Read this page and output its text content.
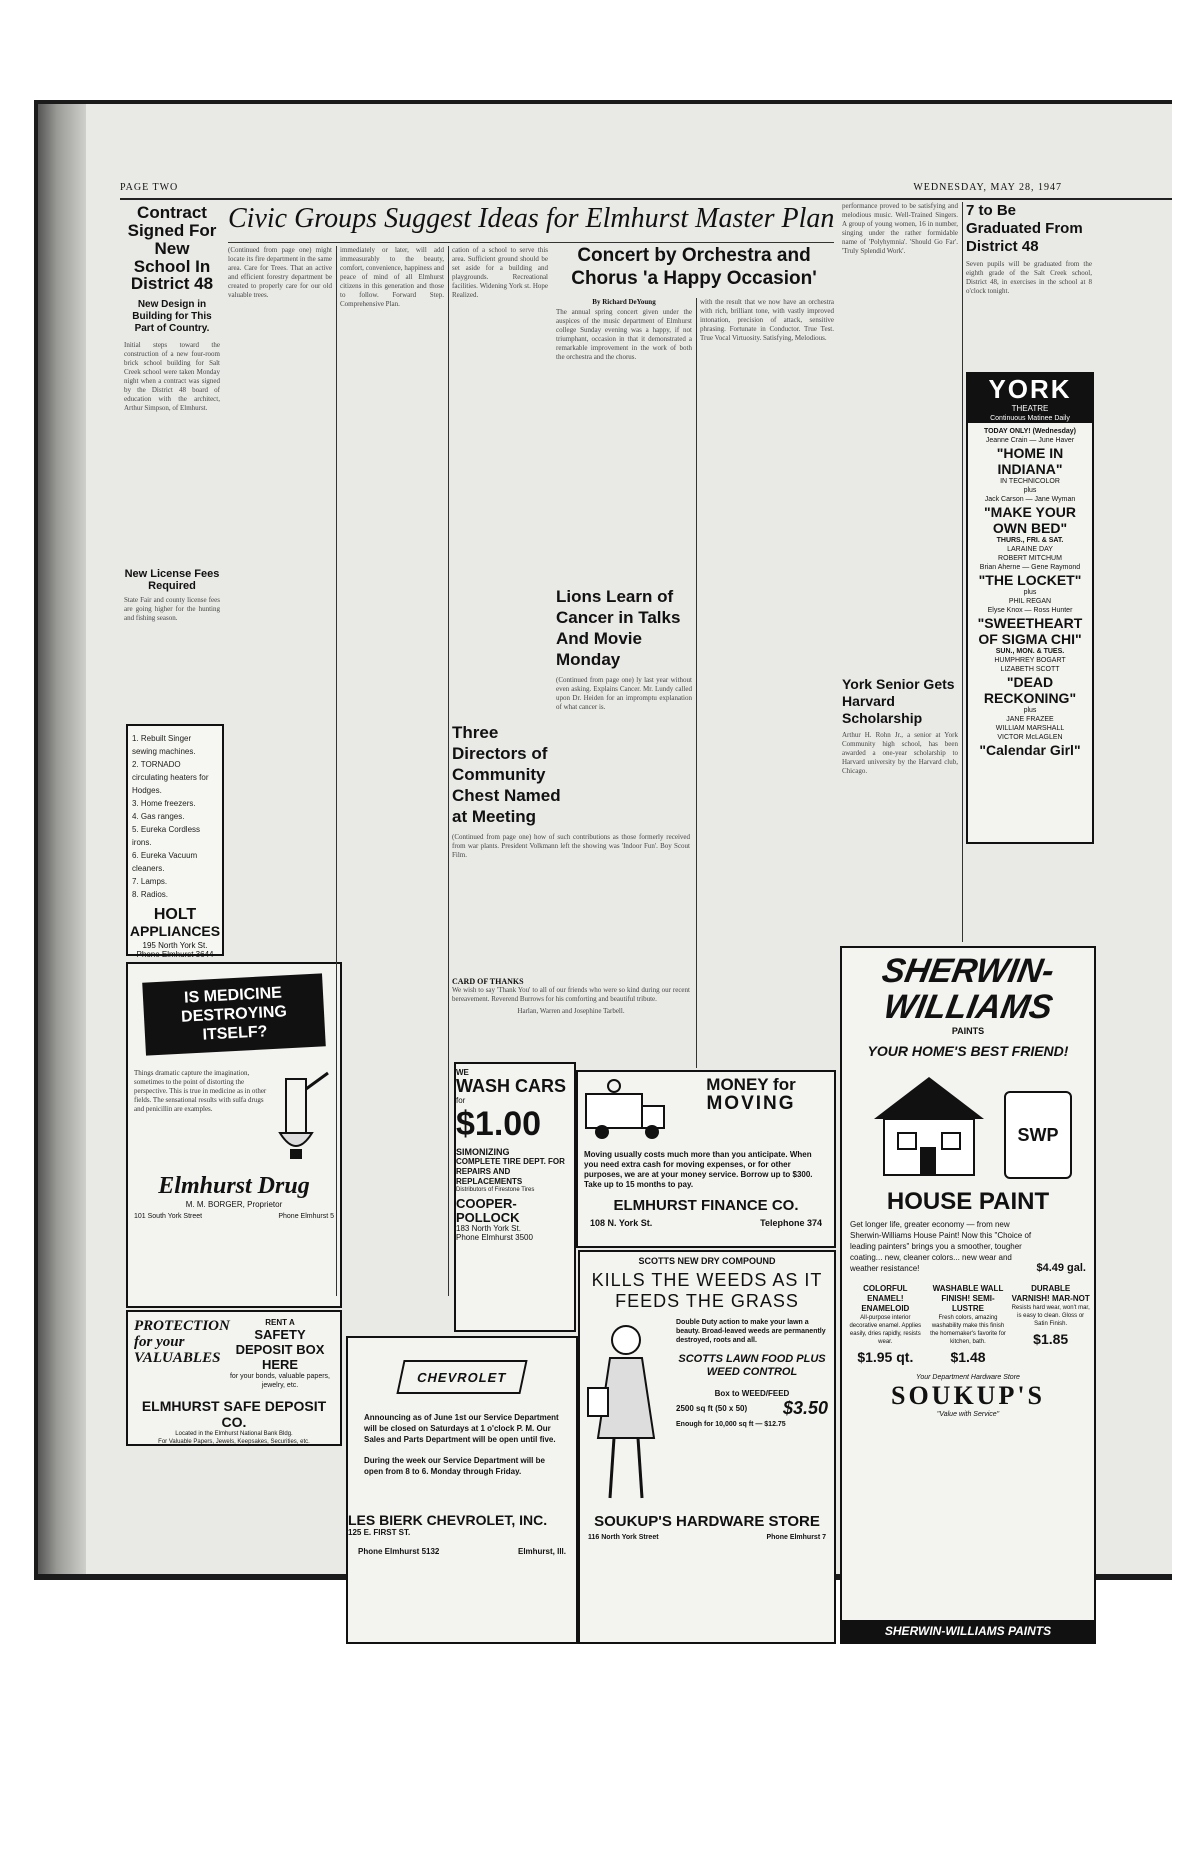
PAGE TWO	WEDNESDAY, MAY 28, 1947
Contract Signed For New School In District 48
New Design in Building for This Part of Country.

Initial steps toward the construction of a new four-room brick school building for Salt Creek school were taken Monday night when a contract was signed by the District 48 board of education with the architect, Arthur Simpson, of Elmhurst.

New License Fees Required

State Fair and county license fees are going higher for the hunting and fishing season.

1. Rebuilt Singer sewing machines.
2. TORNADO circulating heaters for Hodges.
3. Home freezers.
4. Gas ranges.
5. Eureka Cordless irons.
6. Eureka Vacuum cleaners.
7. Lamps.
8. Radios.
HOLT
APPLIANCES
195 North York St.
Phone Elmhurst 3644
IS MEDICINE DESTROYING ITSELF?
Things dramatic capture the imagination, sometimes to the point of distorting the perspective. This is true in medicine as in other fields. The sensational results with sulfa drugs and penicillin are examples.
Elmhurst Drug
M. M. BORGER, Proprietor
101 South York Street	Phone Elmhurst 5
PROTECTION for your VALUABLES
RENT A
SAFETY DEPOSIT BOX HERE
for your bonds, valuable papers, jewelry, etc.
ELMHURST SAFE DEPOSIT CO.
Located in the Elmhurst National Bank Bldg.
For Valuable Papers, Jewels, Keepsakes, Securities, etc.
Civic Groups Suggest Ideas for Elmhurst Master Plan

(Continued from page one) might locate its fire department in the same area. Care for Trees. That an active and efficient forestry department be created to properly care for our old valuable trees.

immediately or later, will add immeasurably to the beauty, comfort, convenience, happiness and peace of mind of all Elmhurst citizens in this generation and those to follow. Forward Step. Comprehensive Plan.

cation of a school to serve this area. Sufficient ground should be set aside for a building and playgrounds. Recreational facilities. Widening York st. Hope Realized.

Concert by Orchestra and Chorus 'a Happy Occasion'
By Richard DeYoung

The annual spring concert given under the auspices of the music department of Elmhurst college Sunday evening was a happy, if not triumphant, occasion in that it demonstrated a remarkable improvement in the work of both the orchestra and the chorus.

with the result that we now have an orchestra with rich, brilliant tone, with vastly improved intonation, precision of attack, sensitive phrasing. Fortunate in Conductor. True Test. True Vocal Virtuosity. Satisfying, Melodious.

Lions Learn of Cancer in Talks And Movie Monday

(Continued from page one) ly last year without even asking. Explains Cancer. Mr. Lundy called upon Dr. Heiden for an impromptu explanation of what cancer is.

Three Directors of Community Chest Named at Meeting

(Continued from page one) how of such contributions as those formerly received from war plants. President Volkmann left the showing was 'Indoor Fun'. Boy Scout Film.

CARD OF THANKS

We wish to say 'Thank You' to all of our friends who were so kind during our recent bereavement. Reverend Burrows for his comforting and beautiful tribute.

Harlan, Warren and Josephine Tarbell.

performance proved to be satisfying and melodious music. Well-Trained Singers. A group of young women, 16 in number, singing under the rather formidable name of 'Polyhymnia'. 'Should Go Far'. 'Truly Splendid Work'.

7 to Be Graduated From District 48

Seven pupils will be graduated from the eighth grade of the Salt Creek school, District 48, in exercises in the school at 8 o'clock tonight.

YORK
THEATRE
Continuous Matinee Daily
TODAY ONLY! (Wednesday)
Jeanne Crain — June Haver
"HOME IN INDIANA"
IN TECHNICOLOR
plus
Jack Carson — Jane Wyman
"MAKE YOUR OWN BED"
THURS., FRI. & SAT.
LARAINE DAY
ROBERT MITCHUM
Brian Aherne — Gene Raymond
"THE LOCKET"
plus
PHIL REGAN
Elyse Knox — Ross Hunter
"SWEETHEART OF SIGMA CHI"
SUN., MON. & TUES.
HUMPHREY BOGART
LIZABETH SCOTT
"DEAD RECKONING"
plus
JANE FRAZEE
WILLIAM MARSHALL
VICTOR McLAGLEN
"Calendar Girl"
York Senior Gets Harvard Scholarship

Arthur H. Rohn Jr., a senior at York Community high school, has been awarded a one-year scholarship to Harvard university by the Harvard club, Chicago.

WE
WASH CARS
for
$1.00
SIMONIZING
COMPLETE TIRE DEPT. FOR REPAIRS AND REPLACEMENTS
Distributors of Firestone Tires
COOPER-POLLOCK
183 North York St.
Phone Elmhurst 3500
MONEY for
MOVING
Moving usually costs much more than you anticipate. When you need extra cash for moving expenses, or for other purposes, we are at your money service. Borrow up to $300. Take up to 15 months to pay.
ELMHURST FINANCE CO.
108 N. York St.	Telephone 374
CHEVROLET
Announcing as of June 1st our Service Department will be closed on Saturdays at 1 o'clock P. M. Our Sales and Parts Department will be open until five.
During the week our Service Department will be open from 8 to 6. Monday through Friday.
LES BIERK CHEVROLET, INC.
125 E. FIRST ST.
Phone Elmhurst 5132	Elmhurst, Ill.
SCOTTS NEW DRY COMPOUND
KILLS THE WEEDS AS IT FEEDS THE GRASS
Double Duty action to make your lawn a beauty. Broad-leaved weeds are permanently destroyed, roots and all.
SCOTTS LAWN FOOD PLUS WEED CONTROL
Box to WEED/FEED
2500 sq ft (50 x 50) $3.50
Enough for 10,000 sq ft — $12.75
SOUKUP'S HARDWARE STORE
116 North York Street	Phone Elmhurst 7
SHERWIN-
WILLIAMS
PAINTS
YOUR HOME'S BEST FRIEND!
SWP
HOUSE PAINT
Get longer life, greater economy — from new Sherwin-Williams House Paint! Now this "Choice of leading painters" brings you a smoother, tougher coating... new, cleaner colors... new wear and weather resistance!	$4.49 gal.
COLORFUL ENAMEL! ENAMELOID
All-purpose interior decorative enamel. Applies easily, dries rapidly, resists wear.
$1.95 qt.
WASHABLE WALL FINISH! SEMI-LUSTRE
Fresh colors, amazing washability make this finish the homemaker's favorite for kitchen, bath.
$1.48
DURABLE VARNISH! MAR-NOT
Resists hard wear, won't mar, is easy to clean. Gloss or Satin Finish.
$1.85
Your Department Hardware Store
SOUKUP'S
"Value with Service"
SHERWIN-WILLIAMS PAINTS
